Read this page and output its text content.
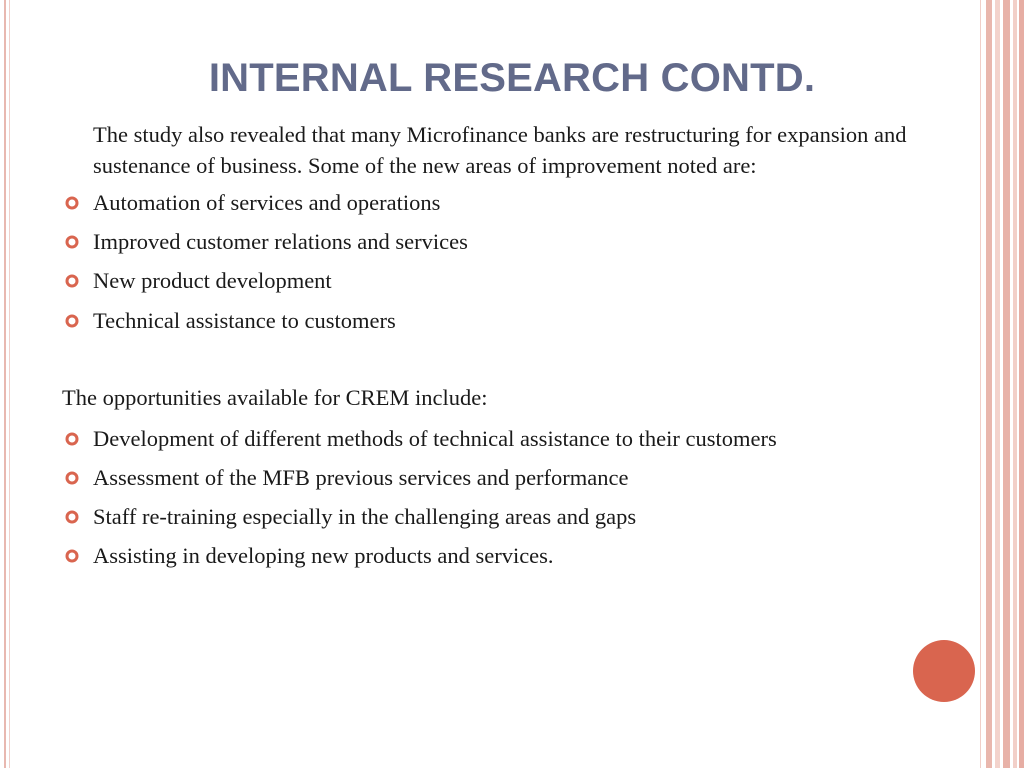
INTERNAL RESEARCH CONTD.

The study also revealed that many Microfinance banks are restructuring for expansion and sustenance of business. Some of the new areas of improvement noted are:

Automation of services and operations
Improved customer relations and services
New product development
Technical assistance to customers
The opportunities available for CREM include:
Development of different methods of technical assistance to their customers
Assessment of the MFB previous services and performance
Staff re-training especially in the challenging areas and gaps
Assisting in developing new products and services.
